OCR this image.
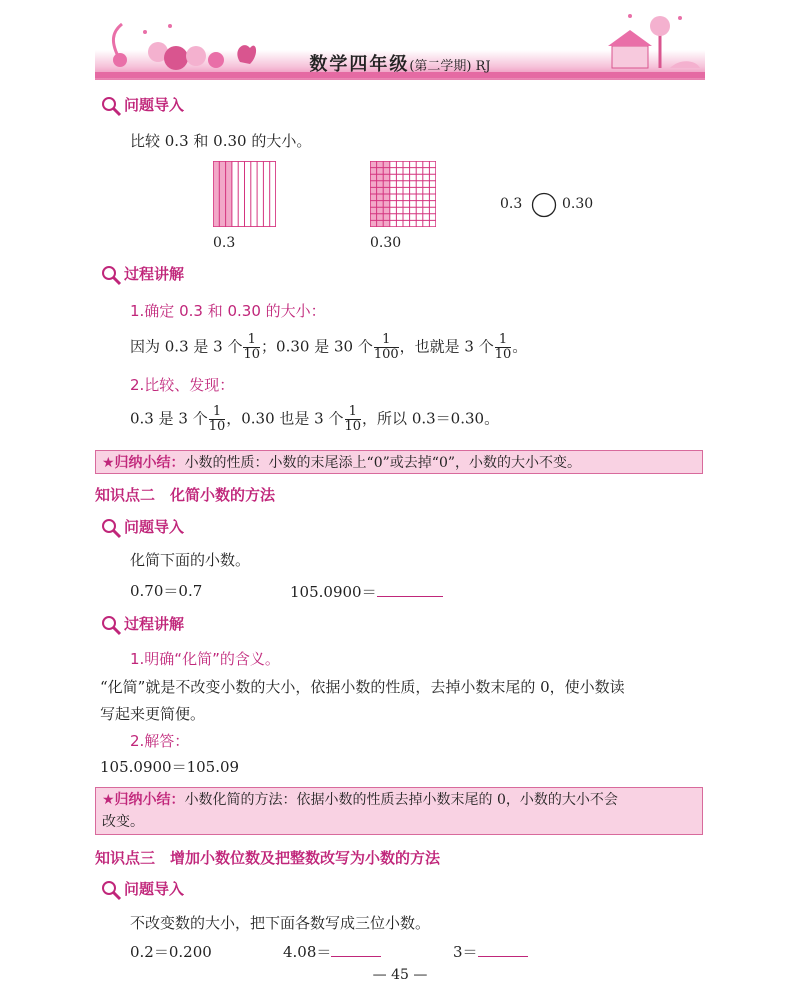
数学四年级(第二学期) RJ
问题导入
比较 0.3 和 0.30 的大小。
0.3	0.30
0.3	0.30
过程讲解
1.确定 0.3 和 0.30 的大小：
因为 0.3 是 3 个 $\frac{1}{10}$ ；0.30 是 30 个 $\frac{1}{100}$ ，也就是 3 个 $\frac{1}{10}$ 。
2.比较、发现：
0.3 是 3 个 $\frac{1}{10}$ ，0.30 也是 3 个 $\frac{1}{10}$ ，所以 0.3＝0.30。
★归纳小结：小数的性质：小数的末尾添上“0”或去掉“0”，小数的大小不变。
知识点二　化简小数的方法
问题导入
化简下面的小数。
0.70＝0.7	105.0900＝
过程讲解
1.明确“化简”的含义。
“化简”就是不改变小数的大小，依据小数的性质，去掉小数末尾的 0，使小数读
写起来更简便。
2.解答：
105.0900＝105.09
★归纳小结：小数化简的方法：依据小数的性质去掉小数末尾的 0，小数的大小不会
改变。
知识点三　增加小数位数及把整数改写为小数的方法
问题导入
不改变数的大小，把下面各数写成三位小数。
0.2＝0.200	4.08＝	3＝
— 45 —
